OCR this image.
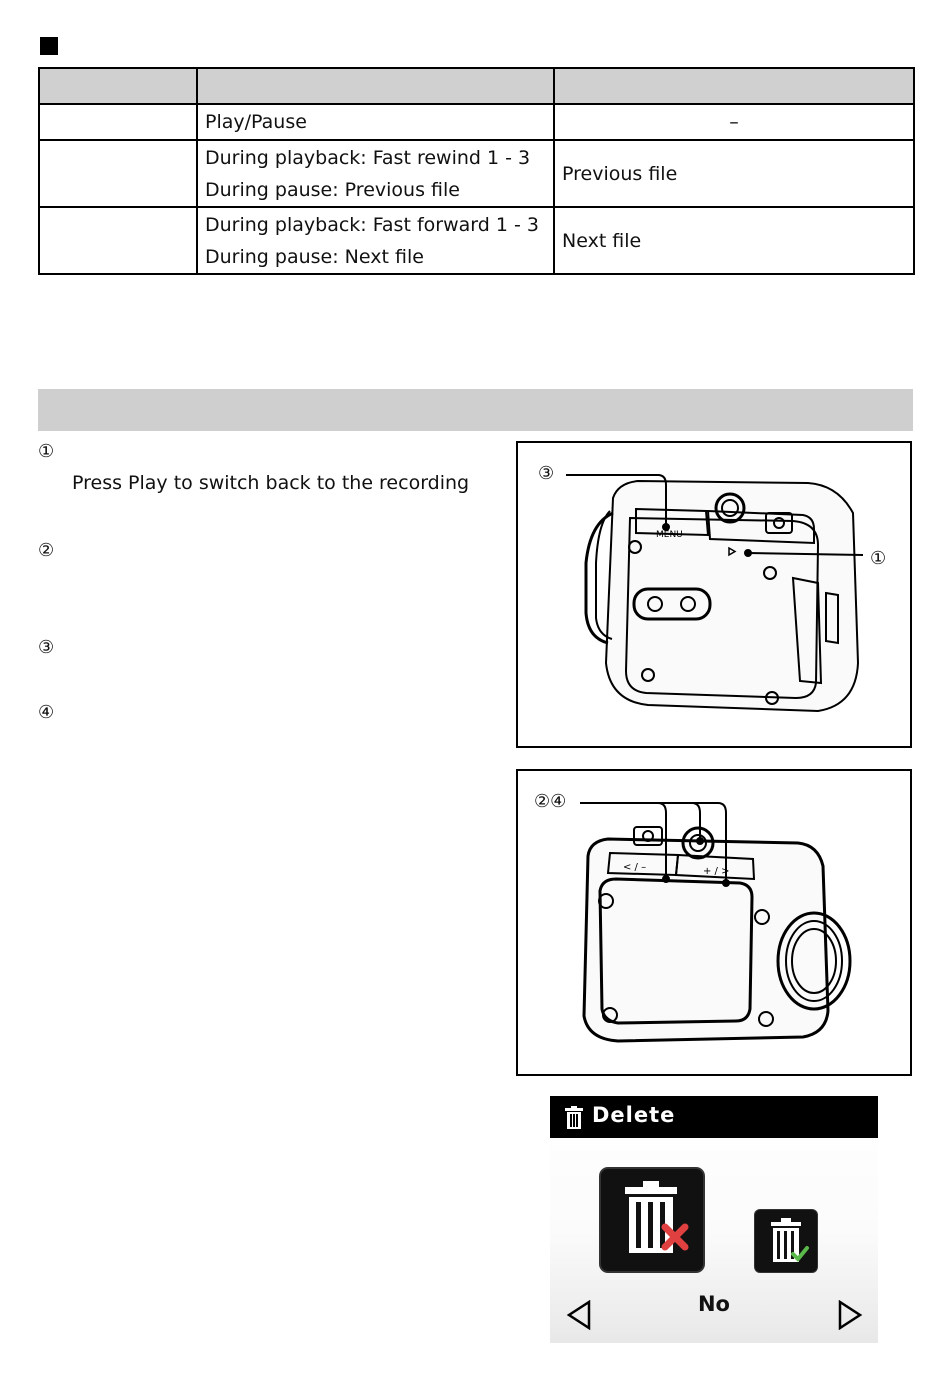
	Play/Pause	–

	During playback: Fast rewind 1 - 3
During pause: Previous file	Previous file

	During playback: Fast forward 1 - 3
During pause: Next file	Next file
①
Press Play to switch back to the recording
②
③
④
MENU
③
①
< / –	+ / >
②④
Delete
No
